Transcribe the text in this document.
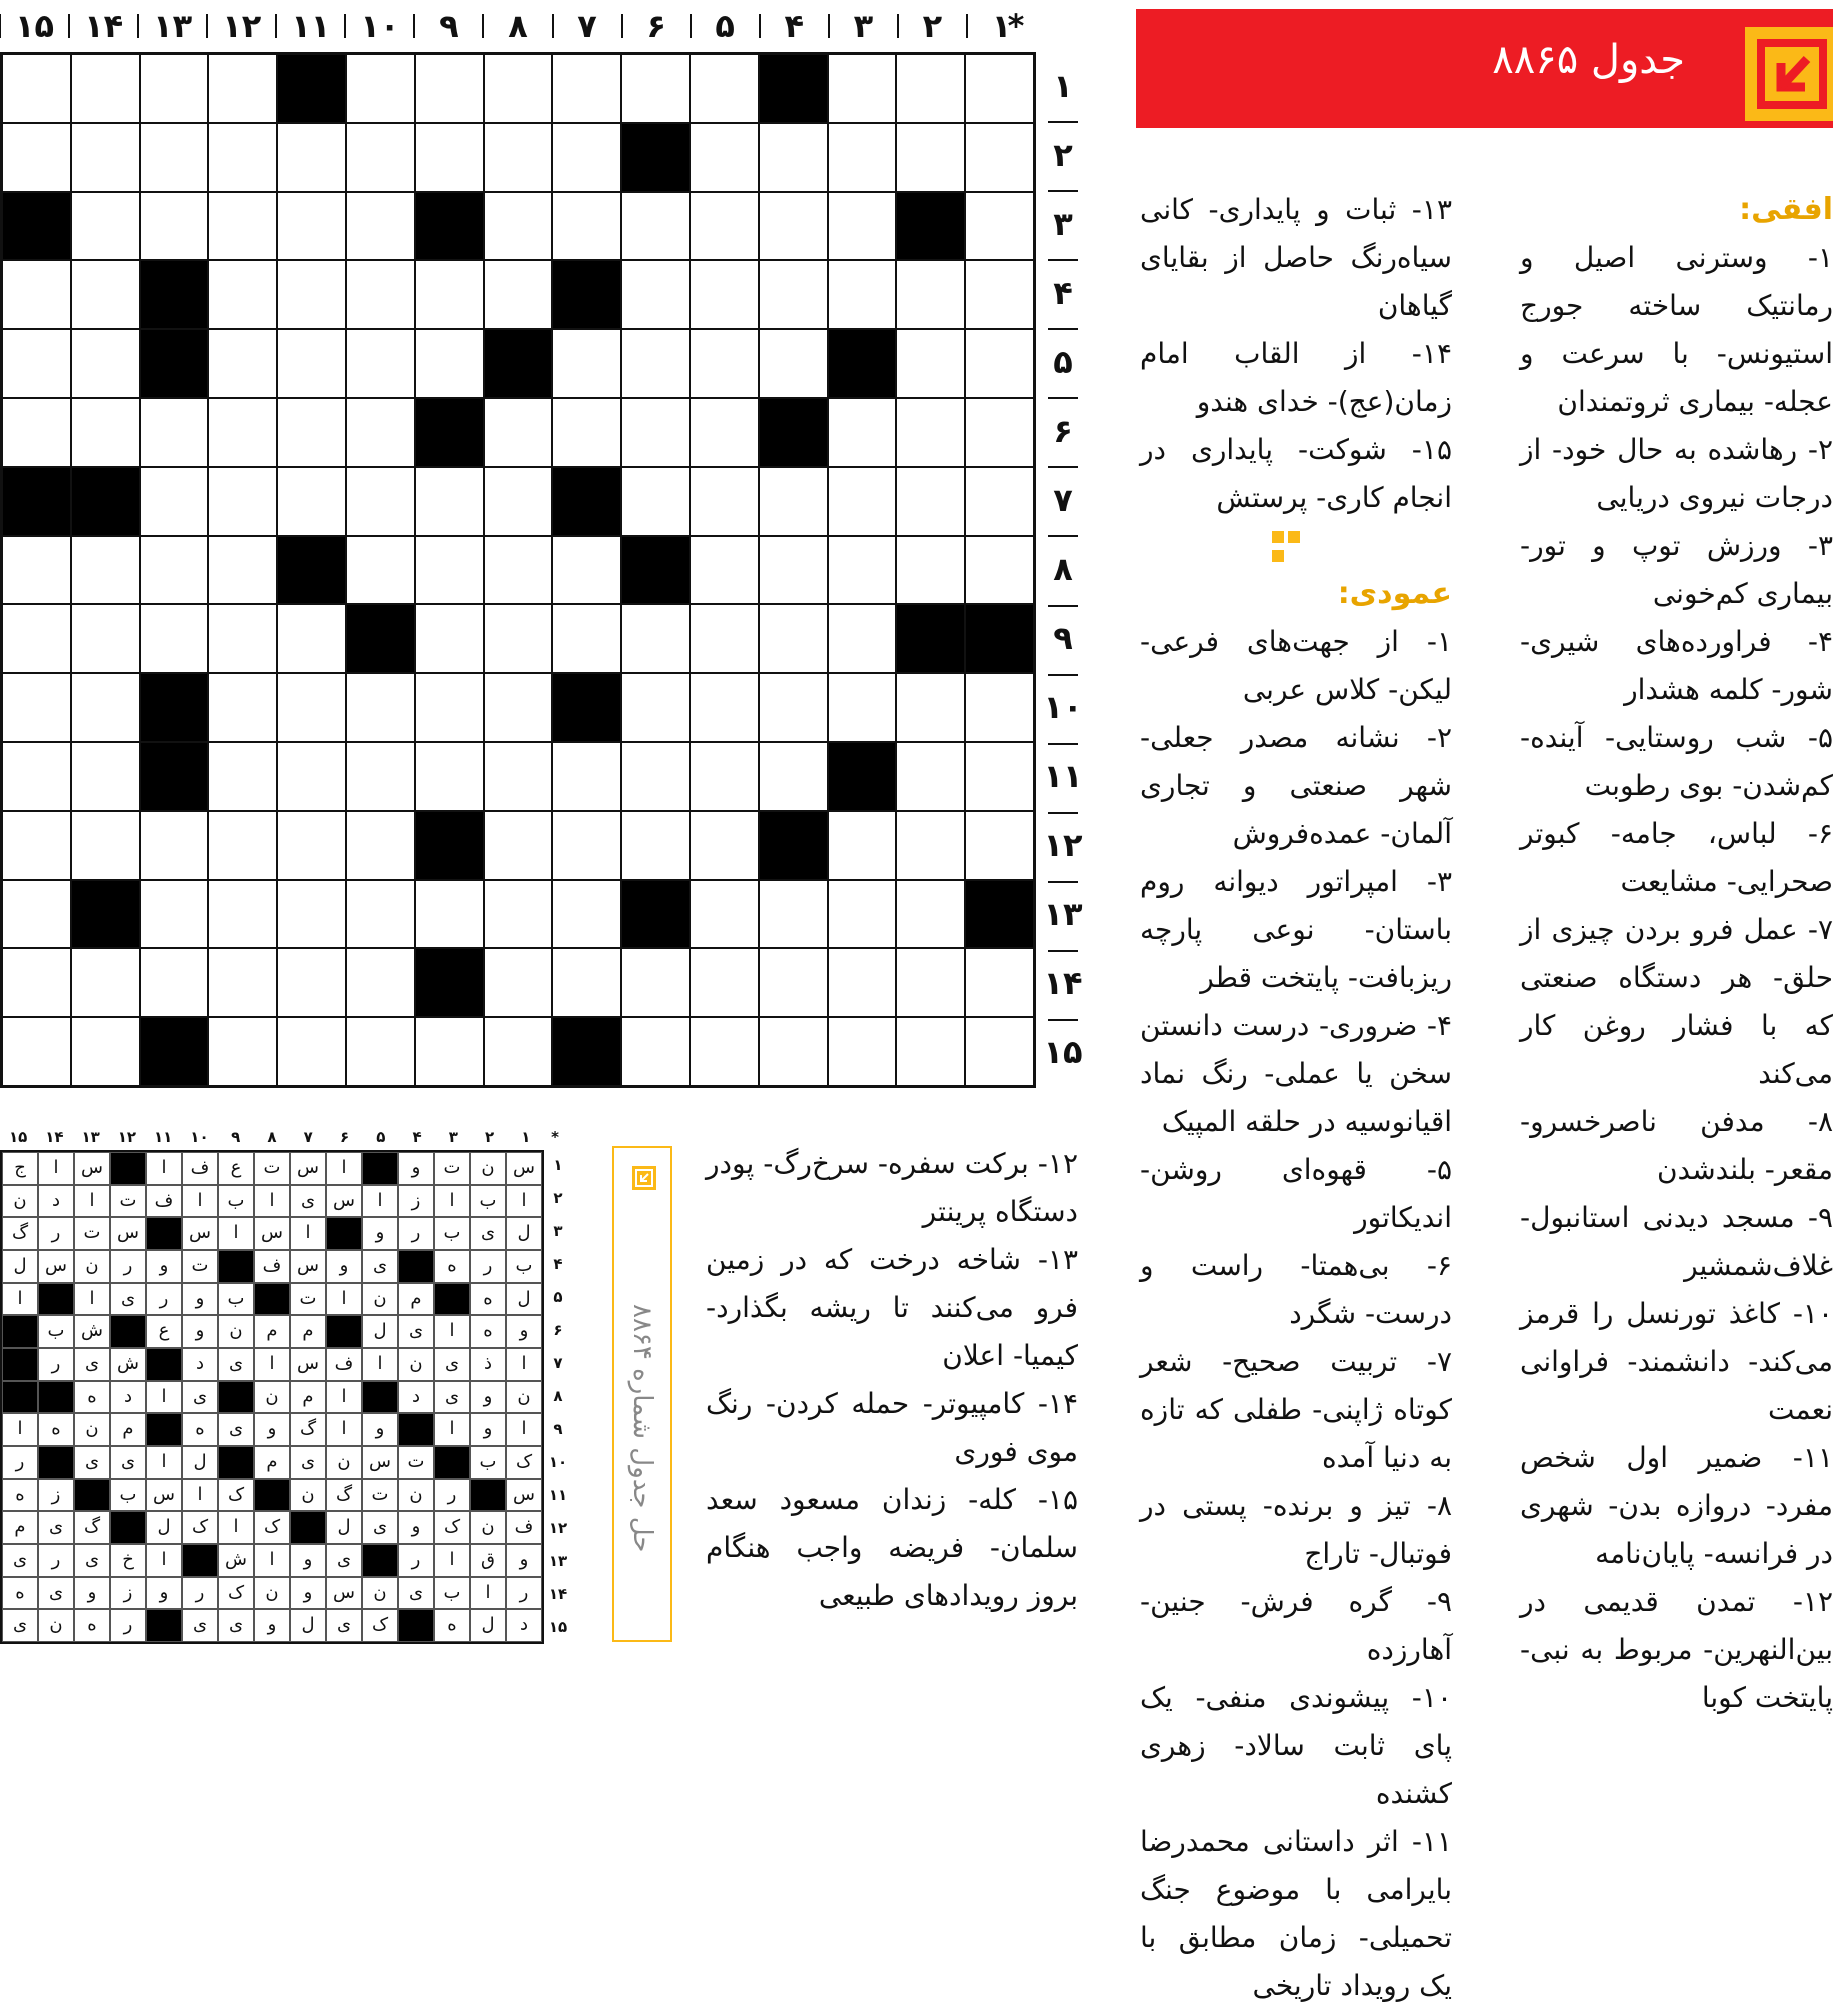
*
۱
۲
۳
۴
۵
۶
۷
۸
۹
۱۰
۱۱
۱۲
۱۳
۱۴
۱۵
۱
۲
۳
۴
۵
۶
۷
۸
۹
۱۰
۱۱
۱۲
۱۳
۱۴
۱۵
جدول ۸۸۶۵

افقی:

۱- وسترنی اصیل و رمانتیک ساخته جورج استیونس- با سرعت و عجله- بیماری ثروتمندان

۲- رهاشده به حال خود- از درجات نیروی دریایی

۳- ورزش توپ و تور- بیماری کم‌خونی

۴- فراورده‌های شیری- شور- کلمه هشدار

۵- شب روستایی- آینده- کم‌شدن- بوی رطوبت

۶- لباس، جامه- کبوتر صحرایی- مشایعت

۷- عمل فرو بردن چیزی از حلق- هر دستگاه صنعتی که با فشار روغن کار می‌کند

۸- مدفن ناصرخسرو- مقعر- بلندشدن

۹- مسجد دیدنی استانبول- غلاف‌شمشیر

۱۰- کاغذ تورنسل را قرمز می‌کند- دانشمند- فراوانی نعمت

۱۱- ضمیر اول شخص مفرد- دروازه بدن- شهری در فرانسه- پایان‌نامه

۱۲- تمدن قدیمی در بین‌النهرین- مربوط به نبی- پایتخت کوبا

۱۳- ثبات و پایداری- کانی سیاه‌رنگ حاصل از بقایای گیاهان

۱۴- از القاب امام زمان(عج)- خدای هندو

۱۵- شوکت- پایداری در انجام کاری- پرستش

عمودی:

۱- از جهت‌های فرعی- لیکن- کلاس عربی

۲- نشانه مصدر جعلی- شهر صنعتی و تجاری آلمان- عمده‌فروش

۳- امپراتور دیوانه روم باستان- نوعی پارچه ریزبافت- پایتخت قطر

۴- ضروری- درست دانستن سخن یا عملی- رنگ نماد اقیانوسیه در حلقه المپیک

۵- قهوه‌ای روشن- اندیکاتور

۶- بی‌همتا- راست و درست- شگرد

۷- تربیت صحیح- شعر کوتاه ژاپنی- طفلی که تازه به دنیا آمده

۸- تیز و برنده- پستی در فوتبال- تاراج

۹- گره فرش- جنین- آهارزده

۱۰- پیشوندی منفی- یک پای ثابت سالاد- زهری کشنده

۱۱- اثر داستانی محمدرضا بایرامی با موضوع جنگ تحمیلی- زمان مطابق با یک رویداد تاریخی

۱۲- برکت سفره- سرخ‌رگ- پودر دستگاه پرینتر

۱۳- شاخه درخت که در زمین فرو می‌کنند تا ریشه بگذارد- کیمیا- اعلان

۱۴- کامپیوتر- حمله کردن- رنگ موی فوری

۱۵- کله- زندان مسعود سعد سلمان- فریضه واجب هنگام بروز رویدادهای طبیعی

حل جدول شماره ۸۸۶۴
*
۱
۲
۳
۴
۵
۶
۷
۸
۹
۱۰
۱۱
۱۲
۱۳
۱۴
۱۵
ج	ا	س	ا	ف	ع	ت س	ا	و	ت	ن	س
ن	د	ا	ت	ف	ا	ب	ا	ی س	ا	ز	ا	ب	ا
گ	ر	ت س	س	ا	س	ا	و	ر	ب	ی	ل
ل	س	ن	ر	و	ت	ف س	و	ی	ه	ر	ب
ا	ا	ی	ر	و	ب	ت	ا	ن	م	ه	ل
ب ش	ع	و	ن	م	م	ل	ی	ا	ه	و
ر	ی ش	د	ی	ا	س ف	ا	ن	ی	ذ	ا
ه	د	ا	ی	ن	م	ا	د	ی	و	ن
ا	ه	ن	م	ه	ی	و	گ	ا	و	ا	و	ا
ر	ی	ی	ا	ل	م	ی	ن	س ت	ب	ک
ه	ز	ب س	ا	ک	ن	گ	ت	ن	ر	س
م	ی	گ	ل	ک	ا	ک	ل	ی	و	ک	ن	ف
ی	ر	ی	خ	ا	ش	ا	و	ی	ر	ا	ق	و
ه	ی	و	ز	و	ر	ک	ن	و	س	ن	ی	ب	ا	ر
ی	ن	ه	ر	ی	ی	و	ل	ی	ک	ه	ل	د
۱
۲
۳
۴
۵
۶
۷
۸
۹
۱۰
۱۱
۱۲
۱۳
۱۴
۱۵
